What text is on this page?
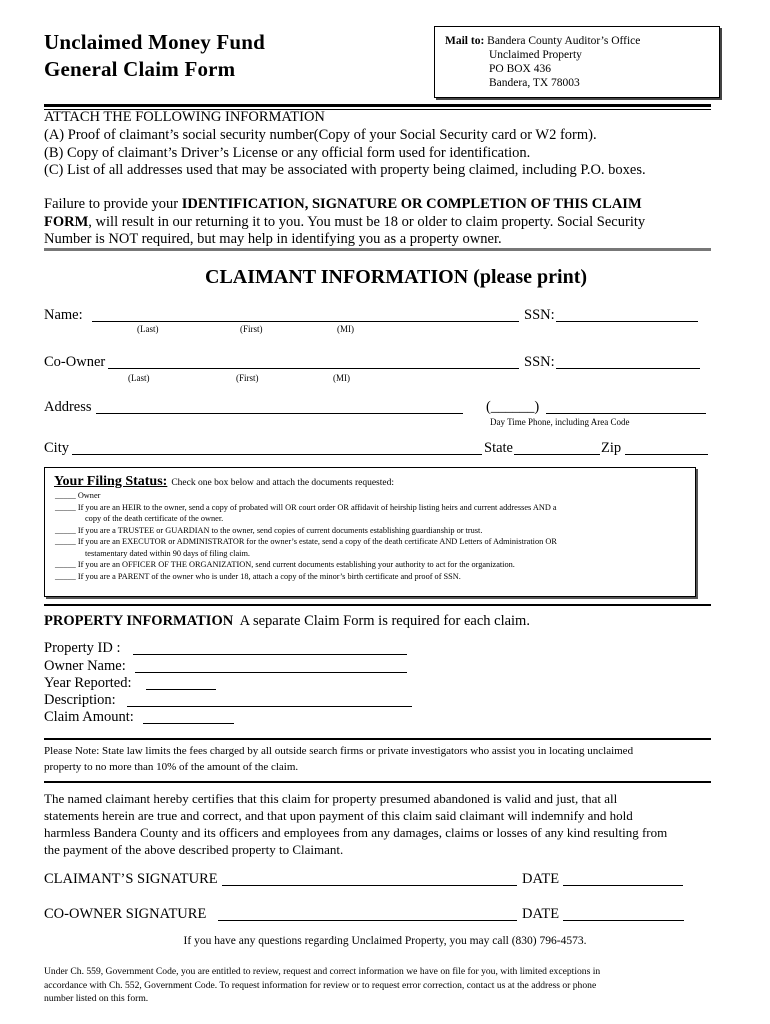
Unclaimed Money Fund
General Claim Form
Mail to: Bandera County Auditor’s Office
Unclaimed Property
PO BOX 436
Bandera, TX 78003
ATTACH THE FOLLOWING INFORMATION
(A) Proof of claimant’s social security number(Copy of your Social Security card or W2 form).
(B) Copy of claimant’s Driver’s License or any official form used for identification.
(C) List of all addresses used that may be associated with property being claimed, including P.O. boxes.
Failure to provide your IDENTIFICATION, SIGNATURE OR COMPLETION OF THIS CLAIM
FORM, will result in our returning it to you. You must be 18 or older to claim property. Social Security
Number is NOT required, but may help in identifying you as a property owner.
CLAIMANT INFORMATION (please print)
Name:	SSN:
(Last)	(First)	(MI)
Co-Owner	SSN:
(Last)	(First)	(MI)
Address	(______)
Day Time Phone, including Area Code
City	State	Zip
Your Filing Status: Check one box below and attach the documents requested:
_____ Owner
_____ If you are an HEIR to the owner, send a copy of probated will OR court order OR affidavit of heirship listing heirs and current addresses AND a
copy of the death certificate of the owner.
_____ If you are a TRUSTEE or GUARDIAN to the owner, send copies of current documents establishing guardianship or trust.
_____ If you are an EXECUTOR or ADMINISTRATOR for the owner’s estate, send a copy of the death certificate AND Letters of Administration OR
testamentary dated within 90 days of filing claim.
_____ If you are an OFFICER OF THE ORGANIZATION, send current documents establishing your authority to act for the organization.
_____ If you are a PARENT of the owner who is under 18, attach a copy of the minor’s birth certificate and proof of SSN.
PROPERTY INFORMATION A separate Claim Form is required for each claim.
Property ID :
Owner Name:
Year Reported:
Description:
Claim Amount:
Please Note: State law limits the fees charged by all outside search firms or private investigators who assist you in locating unclaimed
property to no more than 10% of the amount of the claim.
The named claimant hereby certifies that this claim for property presumed abandoned is valid and just, that all
statements herein are true and correct, and that upon payment of this claim said claimant will indemnify and hold
harmless Bandera County and its officers and employees from any damages, claims or losses of any kind resulting from
the payment of the above described property to Claimant.
CLAIMANT’S SIGNATURE	DATE
CO-OWNER SIGNATURE	DATE
If you have any questions regarding Unclaimed Property, you may call (830) 796-4573.
Under Ch. 559, Government Code, you are entitled to review, request and correct information we have on file for you, with limited exceptions in
accordance with Ch. 552, Government Code. To request information for review or to request error correction, contact us at the address or phone
number listed on this form.
